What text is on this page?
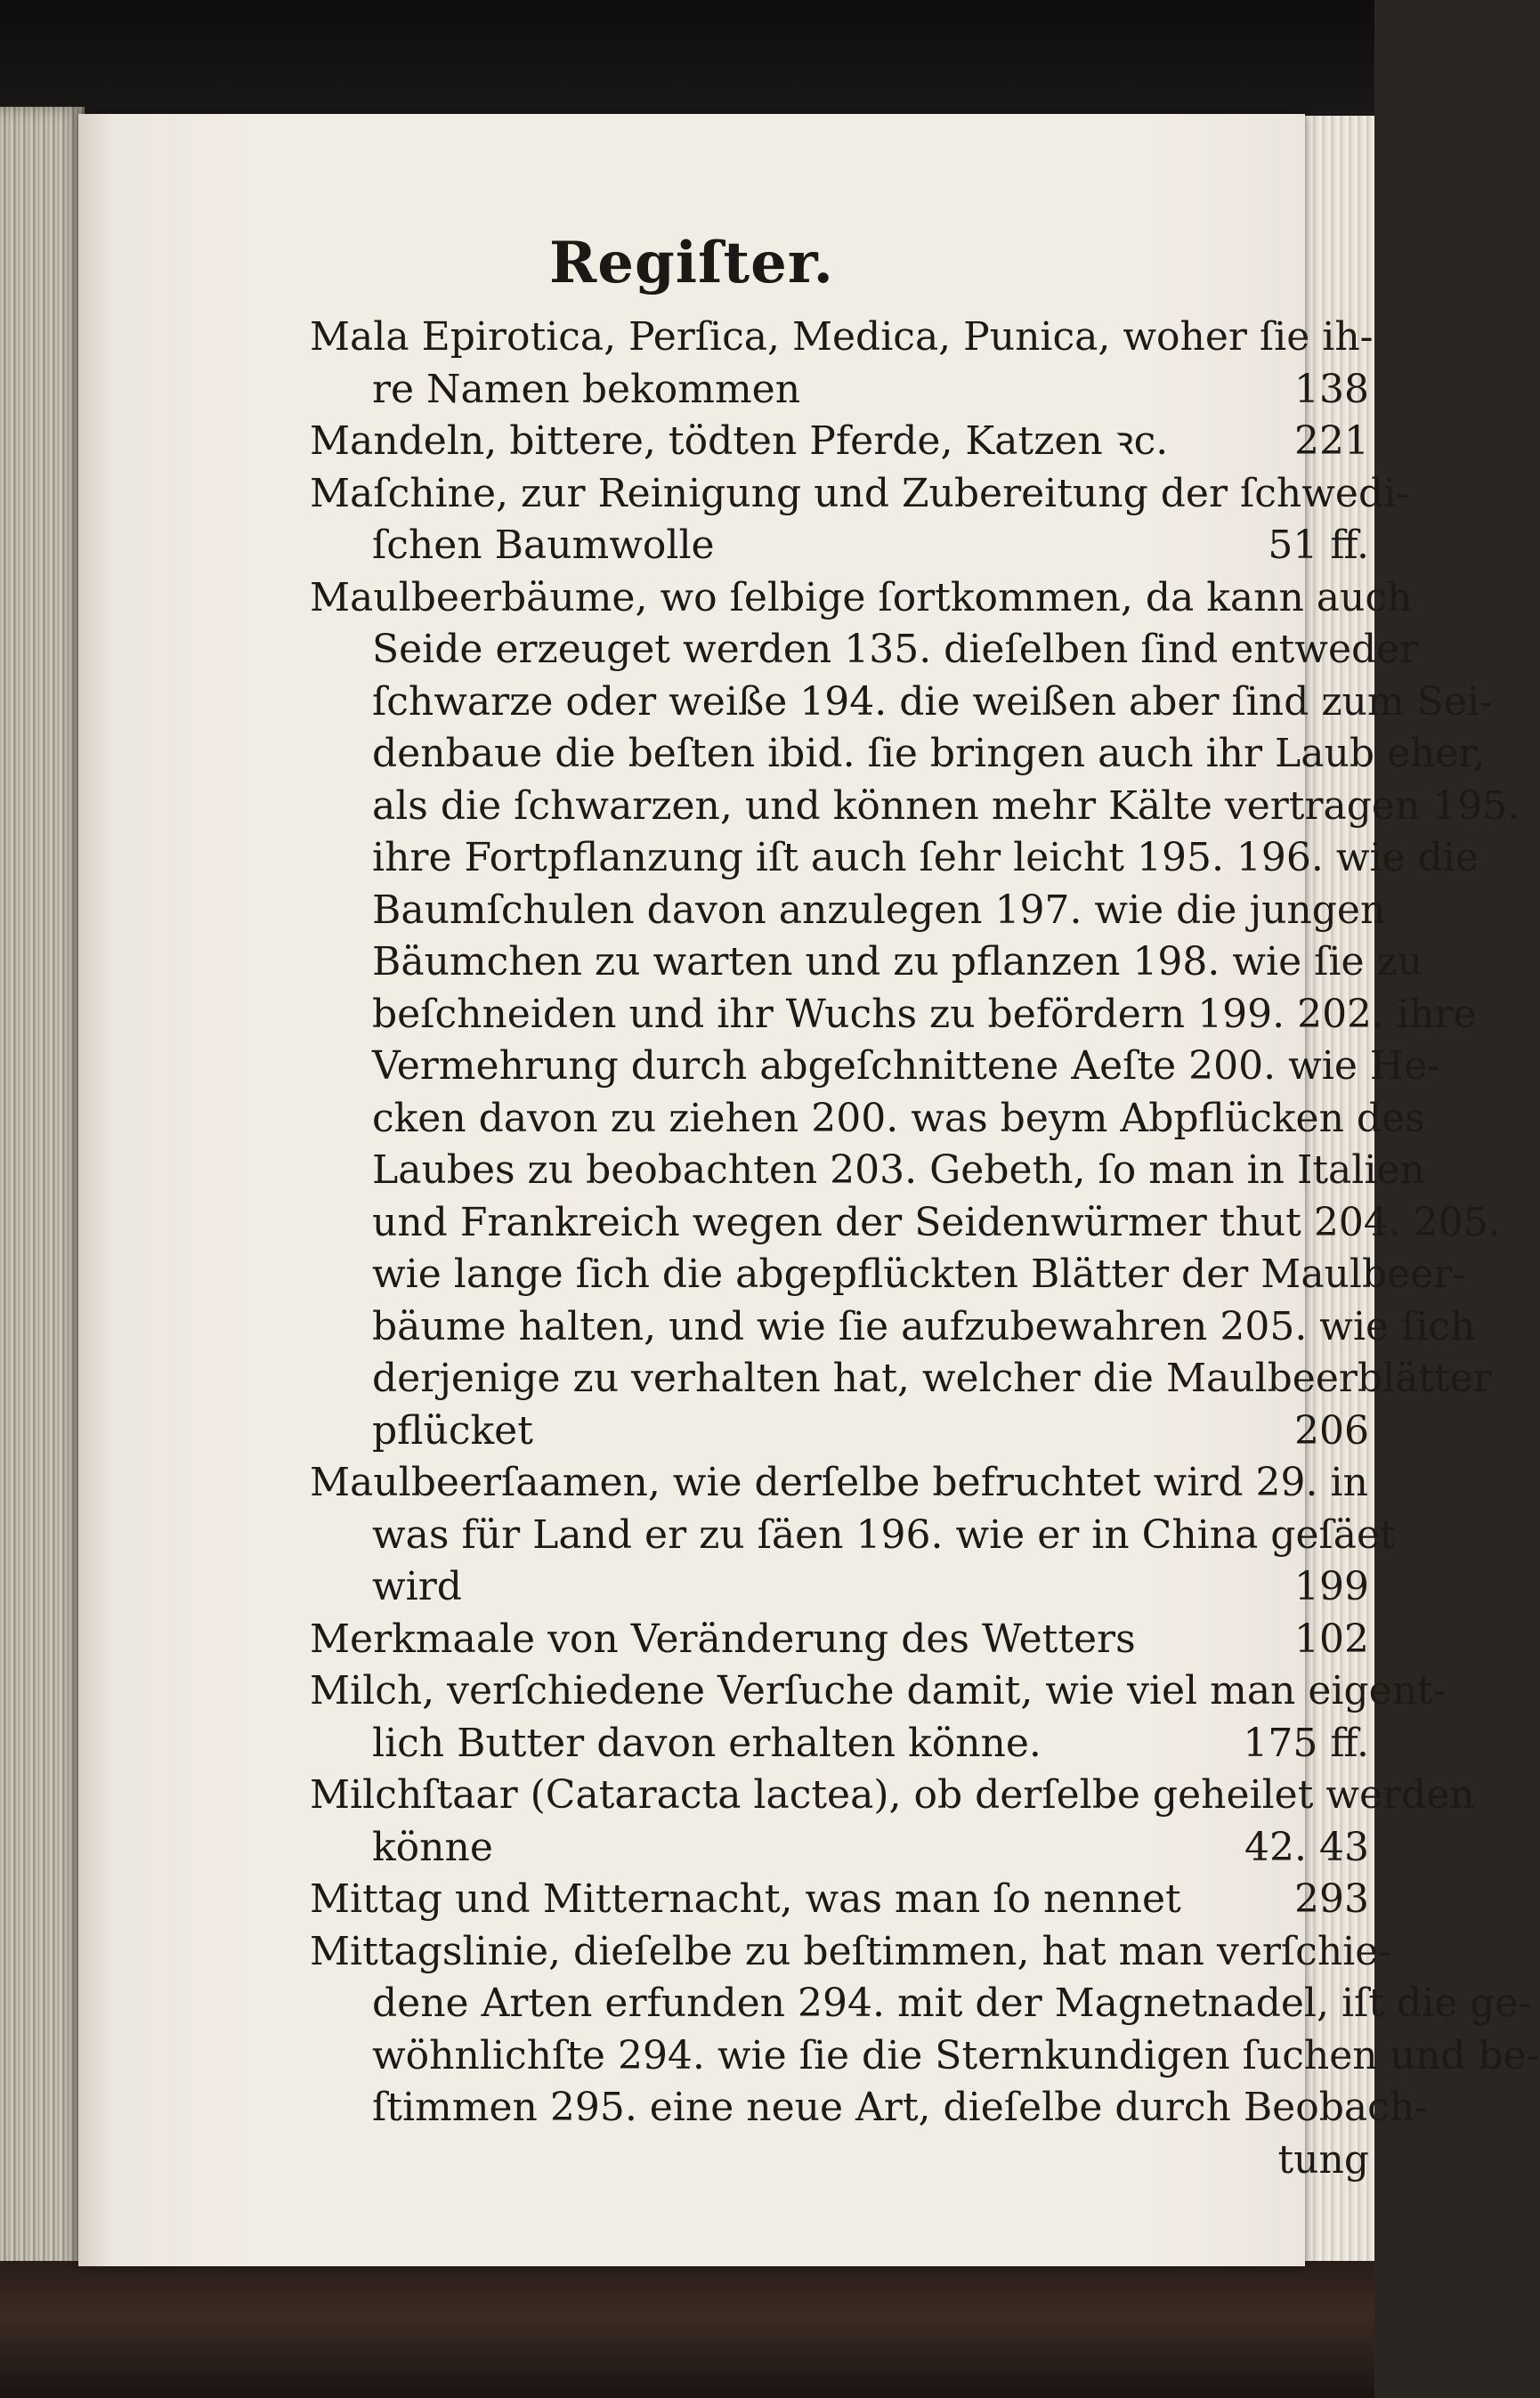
Regiſter.
Mala Epirotica, Perſica, Medica, Punica, woher ſie ih-
138
re Namen bekommen
221
Mandeln, bittere, tödten Pferde, Katzen ꝛc.
Maſchine, zur Reinigung und Zubereitung der ſchwedi-
51 ff.
ſchen Baumwolle
Maulbeerbäume, wo ſelbige ſortkommen, da kann auch
Seide erzeuget werden 135. dieſelben ſind entweder
ſchwarze oder weiße 194. die weißen aber ſind zum Sei-
denbaue die beſten ibid. ſie bringen auch ihr Laub eher,
als die ſchwarzen, und können mehr Kälte vertragen 195.
ihre Fortpflanzung iſt auch ſehr leicht 195. 196. wie die
Baumſchulen davon anzulegen 197. wie die jungen
Bäumchen zu warten und zu pflanzen 198. wie ſie zu
beſchneiden und ihr Wuchs zu befördern 199. 202. ihre
Vermehrung durch abgeſchnittene Aeſte 200. wie He-
cken davon zu ziehen 200. was beym Abpflücken des
Laubes zu beobachten 203. Gebeth, ſo man in Italien
und Frankreich wegen der Seidenwürmer thut 204. 205.
wie lange ſich die abgepflückten Blätter der Maulbeer-
bäume halten, und wie ſie aufzubewahren 205. wie ſich
derjenige zu verhalten hat, welcher die Maulbeerblätter
206
pflücket
Maulbeerſaamen, wie derſelbe befruchtet wird 29. in
was für Land er zu ſäen 196. wie er in China geſäet
199
wird
102
Merkmaale von Veränderung des Wetters
Milch, verſchiedene Verſuche damit, wie viel man eigent-
175 ff.
lich Butter davon erhalten könne.
Milchſtaar (Cataracta lactea), ob derſelbe geheilet werden
42. 43
könne
293
Mittag und Mitternacht, was man ſo nennet
Mittagslinie, dieſelbe zu beſtimmen, hat man verſchie-
dene Arten erfunden 294. mit der Magnetnadel, iſt die ge-
wöhnlichſte 294. wie ſie die Sternkundigen ſuchen und be-
ſtimmen 295. eine neue Art, dieſelbe durch Beobach-
tung
